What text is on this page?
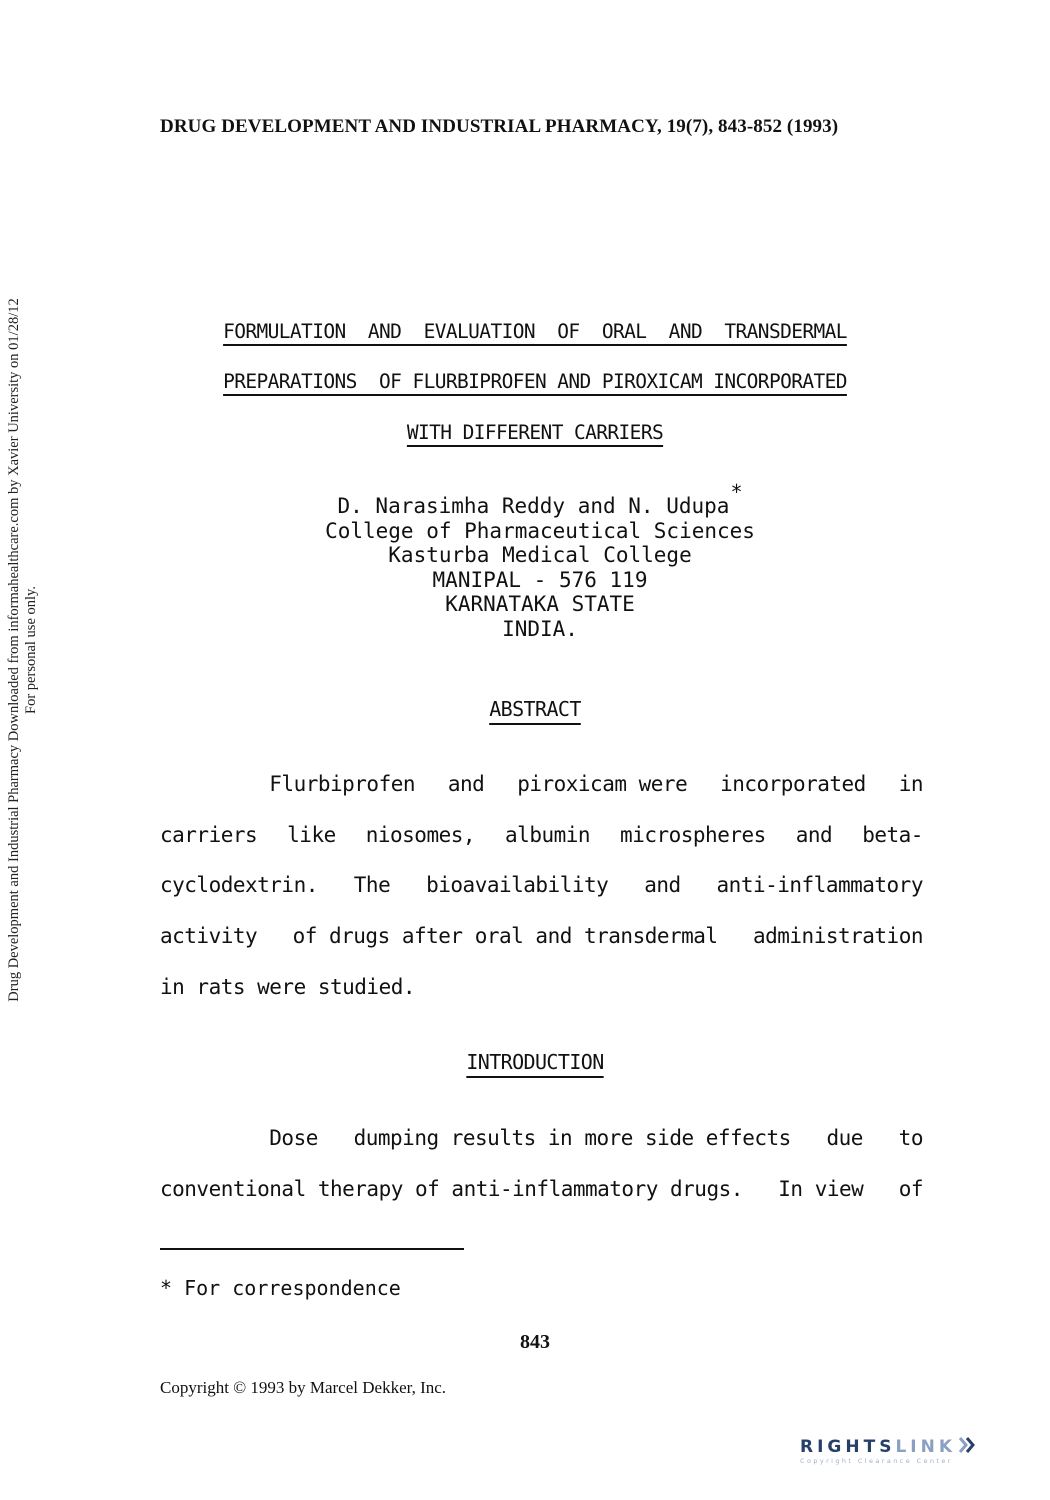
DRUG DEVELOPMENT AND INDUSTRIAL PHARMACY, 19(7), 843-852 (1993)
Drug Development and Industrial Pharmacy Downloaded from informahealthcare.com by Xavier University on 01/28/12 For personal use only.
FORMULATION  AND  EVALUATION  OF  ORAL  AND  TRANSDERMAL
PREPARATIONS  OF FLURBIPROFEN AND PIROXICAM INCORPORATED
WITH DIFFERENT CARRIERS
D. Narasimha Reddy and N. Udupa*
College of Pharmaceutical Sciences
Kasturba Medical College
MANIPAL - 576 119
KARNATAKA STATE
INDIA.
ABSTRACT
Flurbiprofen and piroxicam were incorporated in
carriers like niosomes, albumin microspheres and beta-
cyclodextrin. The bioavailability and anti-inflammatory
activity of drugs after oral and transdermal administration
in rats were studied.
INTRODUCTION
Dose dumping results in more side effects due to
conventional therapy of anti-inflammatory drugs. In view of
* For correspondence
843
Copyright © 1993 by Marcel Dekker, Inc.
RIGHTSLINK
Copyright Clearance Center
